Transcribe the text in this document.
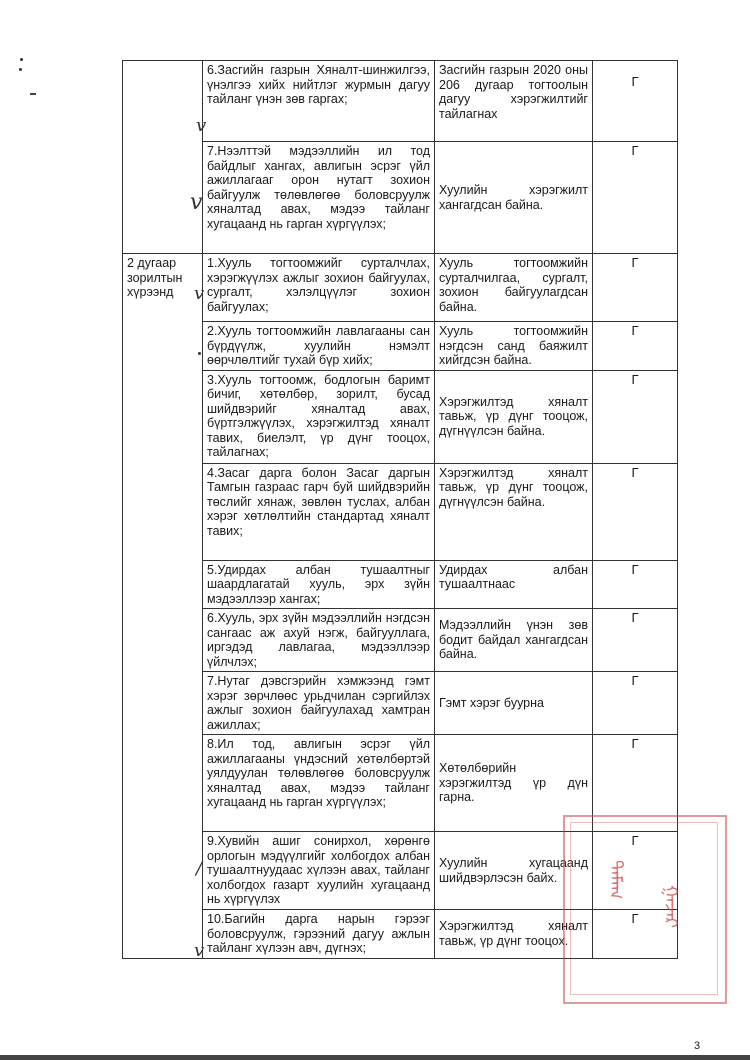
	6.Засгийн газрын Хяналт-шинжилгээ, үнэлгээ хийх нийтлэг журмын дагуу тайланг үнэн зөв гаргах;	Засгийн газрын 2020 оны 206 дугаар тогтоолын дагуу хэрэгжилтийг тайлагнах	Г
	7.Нээлттэй мэдээллийн ил тод байдлыг хангах, авлигын эсрэг үйл ажиллагааг орон нутагт зохион байгуулж төлөвлөгөө боловсруулж хяналтад авах, мэдээ тайланг хугацаанд нь гарган хүргүүлэх;	Хуулийн хэрэгжилт хангагдсан байна.	Г
2 дугаар зорилтын хүрээнд	1.Хууль тогтоомжийг сурталчлах, хэрэгжүүлэх ажлыг зохион байгуулах, сургалт, хэлэлцүүлэг зохион байгуулах;	Хууль тогтоомжийн сурталчилгаа, сургалт, зохион байгуулагдсан байна.	Г
	2.Хууль тогтоомжийн лавлагааны сан бүрдүүлж, хуулийн нэмэлт өөрчлөлтийг тухай бүр хийх;	Хууль тогтоомжийн нэгдсэн санд баяжилт хийгдсэн байна.	Г
	3.Хууль тогтоомж, бодлогын баримт бичиг, хөтөлбөр, зорилт, бусад шийдвэрийг хяналтад авах, бүртгэлжүүлэх, хэрэгжилтэд хяналт тавих, биелэлт, үр дүнг тооцох, тайлагнах;	Хэрэгжилтэд хяналт тавьж, үр дүнг тооцож, дүгнүүлсэн байна.	Г
	4.Засаг дарга болон Засаг даргын Тамгын газраас гарч буй шийдвэрийн төслийг хянаж, зөвлөн туслах, албан хэрэг хөтлөлтийн стандартад хяналт тавих;	Хэрэгжилтэд хяналт тавьж, үр дүнг тооцож, дүгнүүлсэн байна.	Г
	5.Удирдах албан тушаалтныг шаардлагатай хууль, эрх зүйн мэдээллээр хангах;	Удирдах албан тушаалтнаас	Г
	6.Хууль, эрх зүйн мэдээллийн нэгдсэн сангаас аж ахуй нэгж, байгууллага, иргэдэд лавлагаа, мэдээллээр үйлчлэх;	Мэдээллийн үнэн зөв бодит байдал хангагдсан байна.	Г
	7.Нутаг дэвсгэрийн хэмжээнд гэмт хэрэг зөрчлөөс урьдчилан сэргийлэх ажлыг зохион байгуулахад хамтран ажиллах;	Гэмт хэрэг буурна	Г
	8.Ил тод, авлигын эсрэг үйл ажиллагааны үндэсний хөтөлбөртэй уялдуулан төлөвлөгөө боловсруулж хяналтад авах, мэдээ тайланг хугацаанд нь гарган хүргүүлэх;	Хөтөлбөрийн хэрэгжилтэд үр дүн гарна.	Г
	9.Хувийн ашиг сонирхол, хөрөнгө орлогын мэдүүлгийг холбогдох албан тушаалтнуудаас хүлээн авах, тайланг холбогдох газарт хуулийн хугацаанд нь хүргүүлэх	Хуулийн хугацаанд шийдвэрлэсэн байх.	Г
	10.Багийн дарга нарын гэрээг боловсруулж, гэрээний дагуу ажлын тайланг хүлээн авч, дүгнэх;	Хэрэгжилтэд хяналт тавьж, үр дүнг тооцох.	Г
v
v
v
/
v
ᠲᠠᠮᠠᠭ
ᠭᠠᠵᠠᠷ
3
